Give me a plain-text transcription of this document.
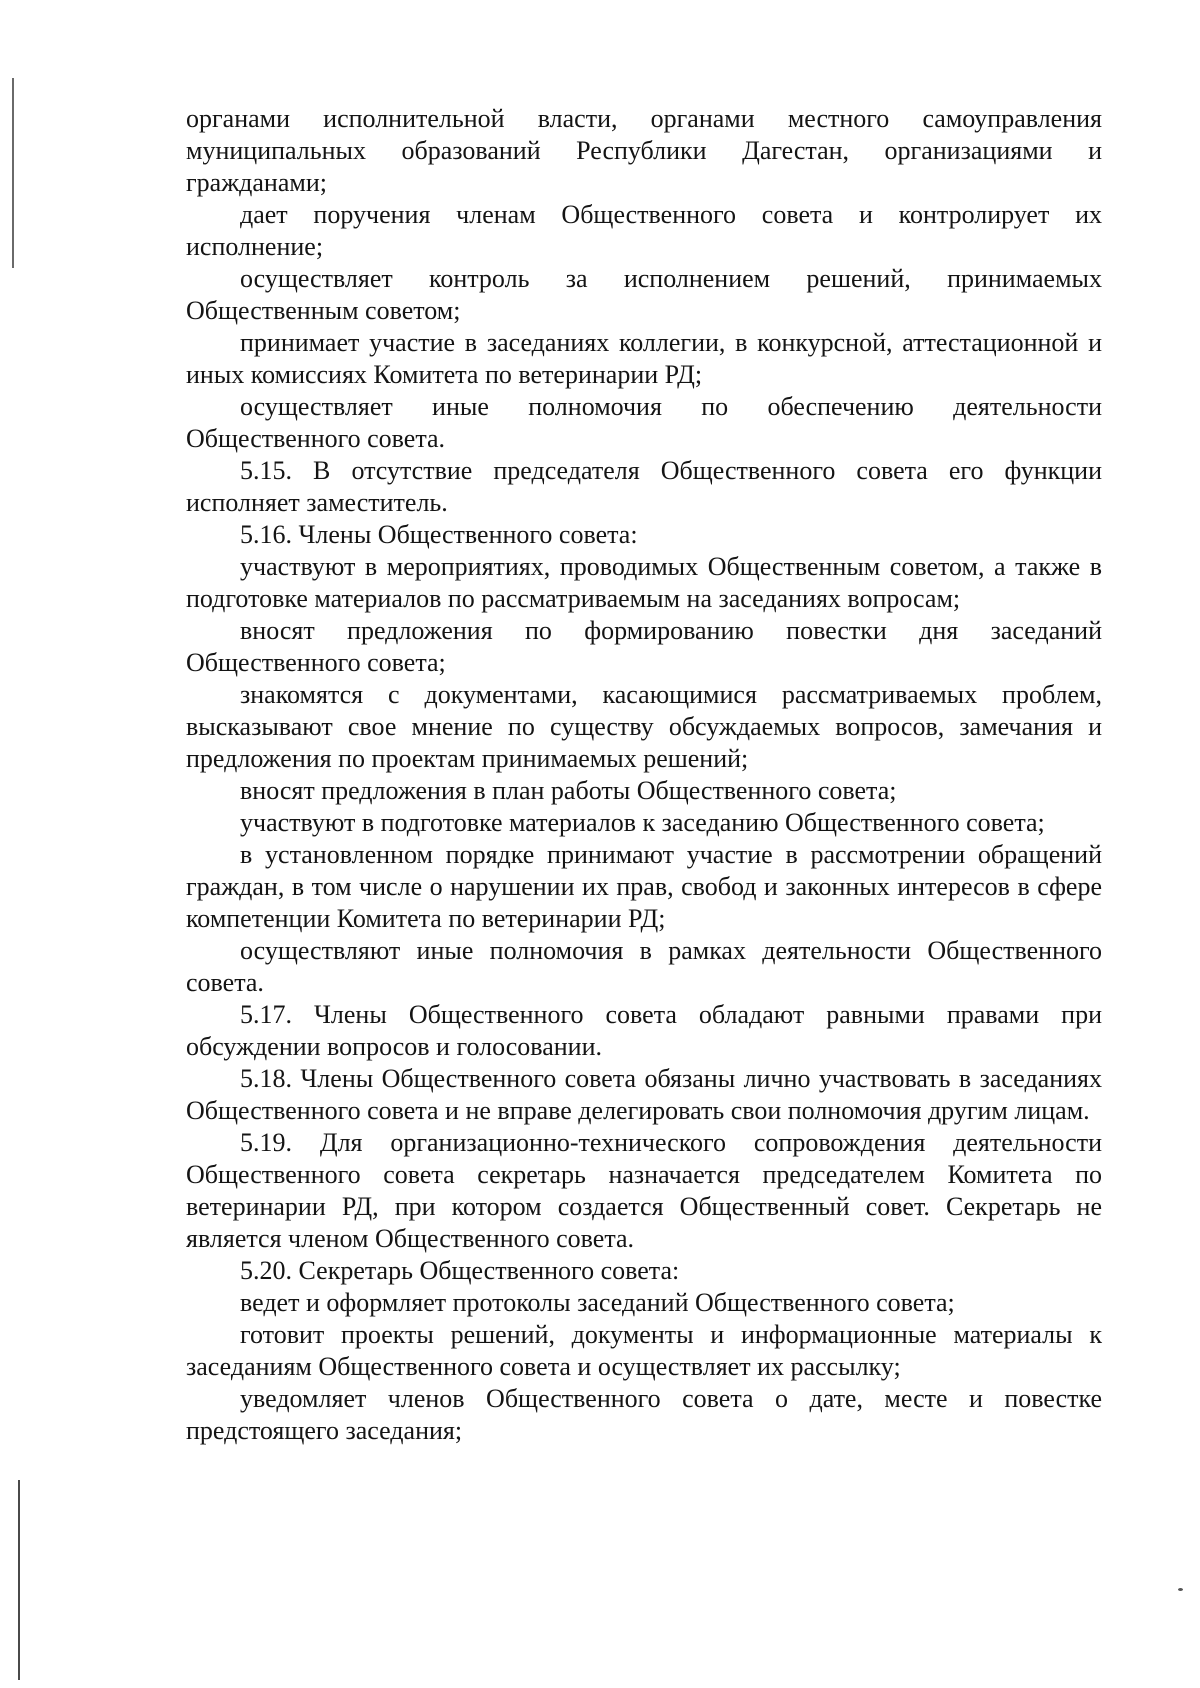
органами исполнительной власти, органами местного самоуправления муниципальных образований Республики Дагестан, организациями и гражданами;

дает поручения членам Общественного совета и контролирует их исполнение;

осуществляет контроль за исполнением решений, принимаемых Общественным советом;

принимает участие в заседаниях коллегии, в конкурсной, аттестационной и иных комиссиях Комитета по ветеринарии РД;

осуществляет иные полномочия по обеспечению деятельности Общественного совета.

5.15. В отсутствие председателя Общественного совета его функции исполняет заместитель.

5.16. Члены Общественного совета:

участвуют в мероприятиях, проводимых Общественным советом, а также в подготовке материалов по рассматриваемым на заседаниях вопросам;

вносят предложения по формированию повестки дня заседаний Общественного совета;

знакомятся с документами, касающимися рассматриваемых проблем, высказывают свое мнение по существу обсуждаемых вопросов, замечания и предложения по проектам принимаемых решений;

вносят предложения в план работы Общественного совета;

участвуют в подготовке материалов к заседанию Общественного совета;

в установленном порядке принимают участие в рассмотрении обращений граждан, в том числе о нарушении их прав, свобод и законных интересов в сфере компетенции Комитета по ветеринарии РД;

осуществляют иные полномочия в рамках деятельности Общественного совета.

5.17. Члены Общественного совета обладают равными правами при обсуждении вопросов и голосовании.

5.18. Члены Общественного совета обязаны лично участвовать в заседаниях Общественного совета и не вправе делегировать свои полномочия другим лицам.

5.19. Для организационно-технического сопровождения деятельности Общественного совета секретарь назначается председателем Комитета по ветеринарии РД, при котором создается Общественный совет. Секретарь не является членом Общественного совета.

5.20. Секретарь Общественного совета:

ведет и оформляет протоколы заседаний Общественного совета;

готовит проекты решений, документы и информационные материалы к заседаниям Общественного совета и осуществляет их рассылку;

уведомляет членов Общественного совета о дате, месте и повестке предстоящего заседания;
